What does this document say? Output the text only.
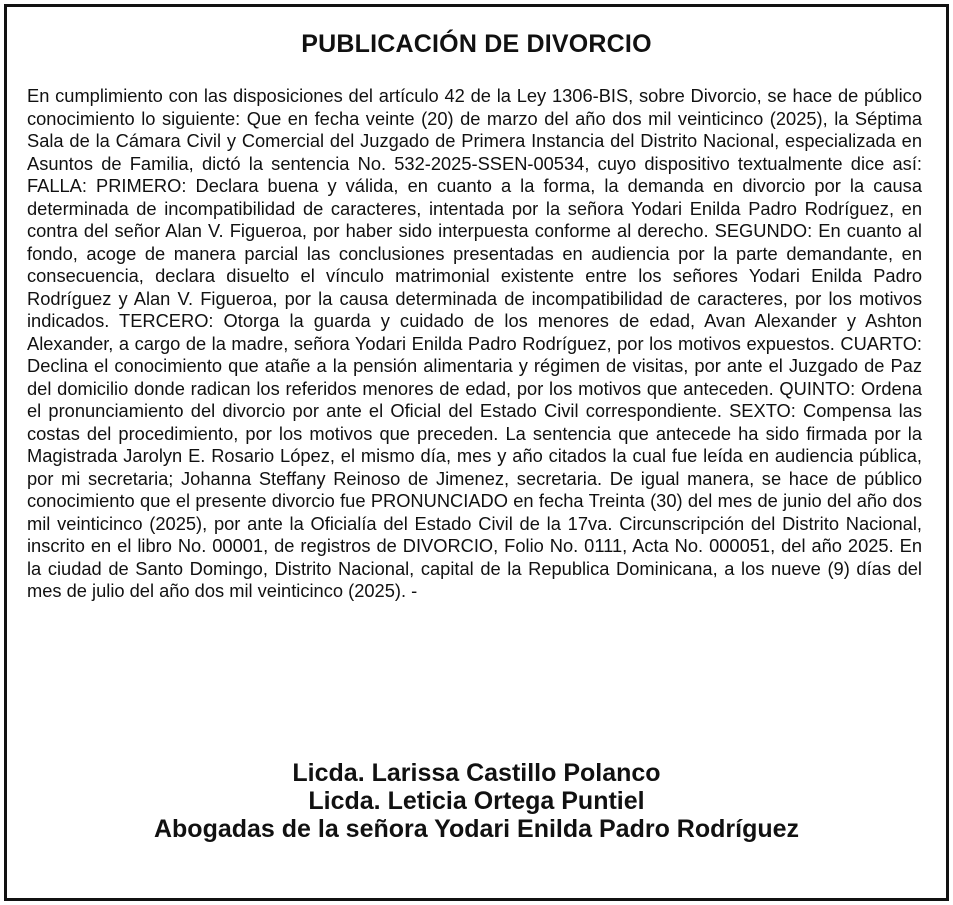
PUBLICACIÓN DE DIVORCIO

En cumplimiento con las disposiciones del artículo 42 de la Ley 1306-BIS, sobre Divorcio, se hace de público conocimiento lo siguiente: Que en fecha veinte (20) de marzo del año dos mil veinticinco (2025), la Séptima Sala de la Cámara Civil y Comercial del Juzgado de Primera Instancia del Distrito Nacional, especializada en Asuntos de Familia, dictó la sentencia No. 532-2025-SSEN-00534, cuyo dispositivo textualmente dice así: FALLA: PRIMERO: Declara buena y válida, en cuanto a la forma, la demanda en divorcio por la causa determinada de incompatibilidad de caracteres, intentada por la señora Yodari Enilda Padro Rodríguez, en contra del señor Alan V. Figueroa, por haber sido interpuesta conforme al derecho. SEGUNDO: En cuanto al fondo, acoge de manera parcial las conclusiones presentadas en audiencia por la parte demandante, en consecuencia, declara disuelto el vínculo matrimonial existente entre los señores Yodari Enilda Padro Rodríguez y Alan V. Figueroa, por la causa determinada de incompatibilidad de caracteres, por los motivos indicados. TERCERO: Otorga la guarda y cuidado de los menores de edad, Avan Alexander y Ashton Alexander, a cargo de la madre, señora Yodari Enilda Padro Rodríguez, por los motivos expuestos. CUARTO: Declina el conocimiento que atañe a la pensión alimentaria y régimen de visitas, por ante el Juzgado de Paz del domicilio donde radican los referidos menores de edad, por los motivos que anteceden. QUINTO: Ordena el pronunciamiento del divorcio por ante el Oficial del Estado Civil correspondiente. SEXTO: Compensa las costas del procedimiento, por los motivos que preceden. La sentencia que antecede ha sido firmada por la Magistrada Jarolyn E. Rosario López, el mismo día, mes y año citados la cual fue leída en audiencia pública, por mi secretaria; Johanna Steffany Reinoso de Jimenez, secretaria. De igual manera, se hace de público conocimiento que el presente divorcio fue PRONUNCIADO en fecha Treinta (30) del mes de junio del año dos mil veinticinco (2025), por ante la Oficialía del Estado Civil de la 17va. Circunscripción del Distrito Nacional, inscrito en el libro No. 00001, de registros de DIVORCIO, Folio No. 0111, Acta No. 000051, del año 2025. En la ciudad de Santo Domingo, Distrito Nacional, capital de la Republica Dominicana, a los nueve (9) días del mes de julio del año dos mil veinticinco (2025). -

Licda. Larissa Castillo Polanco
Licda. Leticia Ortega Puntiel
Abogadas de la señora Yodari Enilda Padro Rodríguez
